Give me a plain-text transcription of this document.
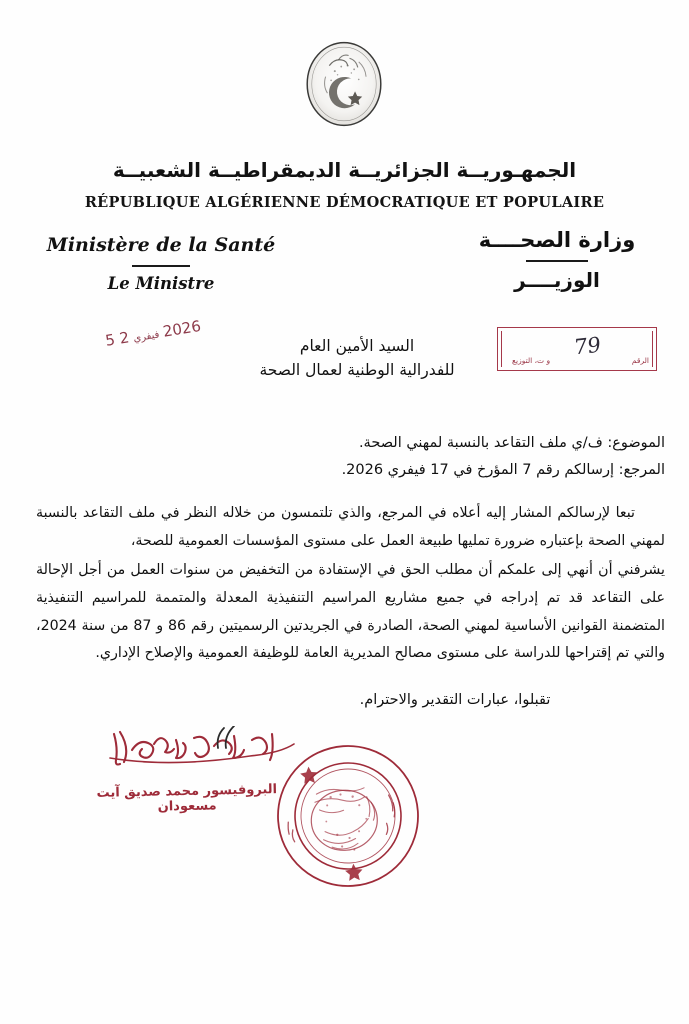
الجمهـوريــة الجزائريــة الديمقراطيــة الشعبيــة
RÉPUBLIQUE ALGÉRIENNE DÉMOCRATIQUE ET POPULAIRE
Ministère de la Santé
Le Ministre
وزارة الصحــــة
الوزيــــر
2026 فيفري 2 5	السيد الأمين العام
للفدرالية الوطنية لعمال الصحة
الرقم
و ت، التوزيع
79
الموضوع: ف/ي ملف التقاعد بالنسبة لمهني الصحة.
المرجع: إرسالكم رقم 7 المؤرخ في 17 فيفري 2026.

تبعا لإرسالكم المشار إليه أعلاه في المرجع، والذي تلتمسون من خلاله النظر في ملف التقاعد بالنسبة لمهني الصحة بإعتباره ضرورة تمليها طبيعة العمل على مستوى المؤسسات العمومية للصحة،

يشرفني أن أنهي إلى علمكم أن مطلب الحق في الإستفادة من التخفيض من سنوات العمل من أجل الإحالة على التقاعد قد تم إدراجه في جميع مشاريع المراسيم التنفيذية المعدلة والمتممة للمراسيم التنفيذية المتضمنة القوانين الأساسية لمهني الصحة، الصادرة في الجريدتين الرسميتين رقم 86 و 87 من سنة 2024، والتي تم إقتراحها للدراسة على مستوى مصالح المديرية العامة للوظيفة العمومية والإصلاح الإداري.

تقبلوا، عبارات التقدير والاحترام.
البروفيسور محمد صديق آيت مسعودان
